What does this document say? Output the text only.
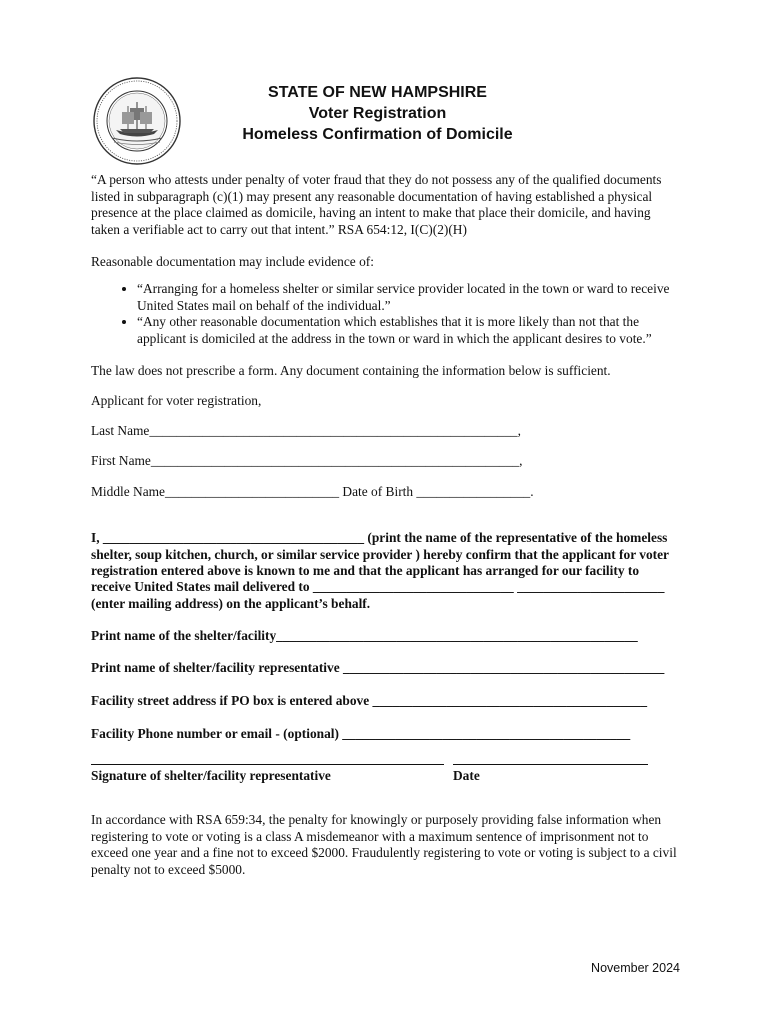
STATE OF NEW HAMPSHIRE
Voter Registration
Homeless Confirmation of Domicile

“A person who attests under penalty of voter fraud that they do not possess any of the qualified documents listed in subparagraph (c)(1) may present any reasonable documentation of having established a physical presence at the place claimed as domicile, having an intent to make that place their domicile, and having taken a verifiable act to carry out that intent.” RSA 654:12, I(C)(2)(H)

Reasonable documentation may include evidence of:

• “Arranging for a homeless shelter or similar service provider located in the town or ward to receive United States mail on behalf of the individual.”
• “Any other reasonable documentation which establishes that it is more likely than not that the applicant is domiciled at the address in the town or ward in which the applicant desires to vote.”

The law does not prescribe a form. Any document containing the information below is sufficient.

Applicant for voter registration,

Last Name_______________________________________________________,
First Name_______________________________________________________,
Middle Name__________________________ Date of Birth _________________.

I, _______________________________________ (print the name of the representative of the homeless shelter, soup kitchen, church, or similar service provider ) hereby confirm that the applicant for voter registration entered above is known to me and that the applicant has arranged for our facility to receive United States mail delivered to ______________________________ ______________________ (enter mailing address) on the applicant’s behalf.

Print name of the shelter/facility______________________________________________________
Print name of shelter/facility representative ________________________________________________
Facility street address if PO box is entered above _________________________________________
Facility Phone number or email - (optional) ___________________________________________
Signature of shelter/facility representative	Date

In accordance with RSA 659:34, the penalty for knowingly or purposely providing false information when registering to vote or voting is a class A misdemeanor with a maximum sentence of imprisonment not to exceed one year and a fine not to exceed $2000. Fraudulently registering to vote or voting is subject to a civil penalty not to exceed $5000.

November 2024
